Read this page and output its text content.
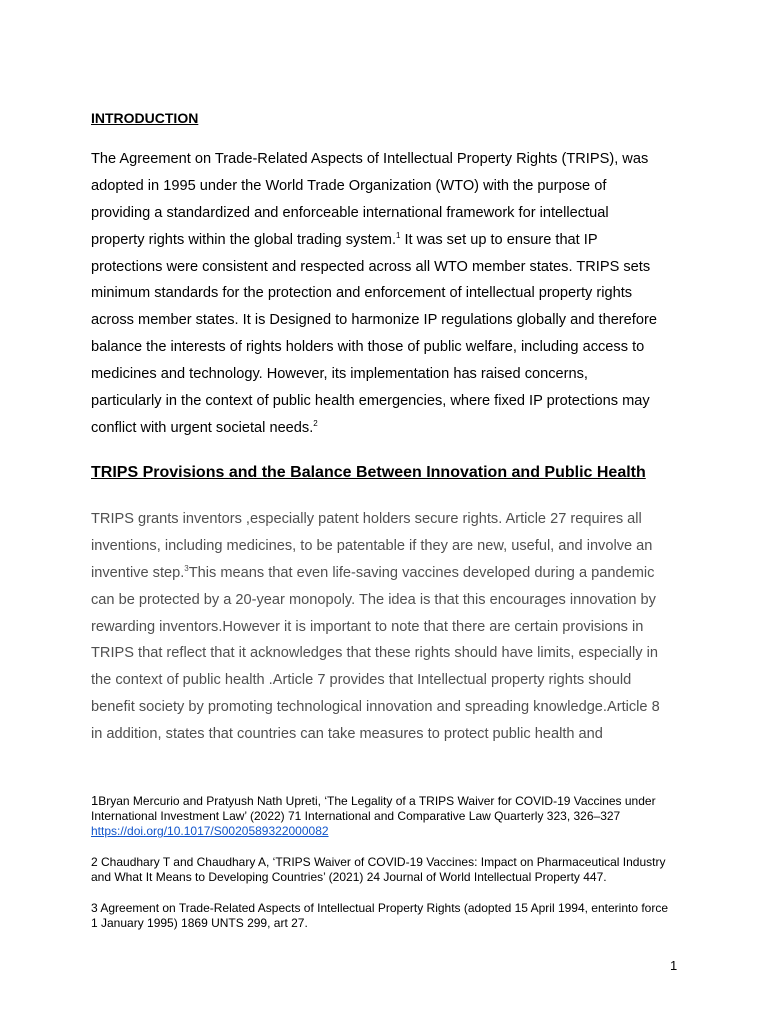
INTRODUCTION

The Agreement on Trade-Related Aspects of Intellectual Property Rights (TRIPS), was
adopted in 1995 under the World Trade Organization (WTO) with the purpose of
providing a standardized and enforceable international framework for intellectual
property rights within the global trading system.$^1$ It was set up to ensure that IP
protections were consistent and respected across all WTO member states. TRIPS sets
minimum standards for the protection and enforcement of intellectual property rights
across member states. It is Designed to harmonize IP regulations globally and therefore
balance the interests of rights holders with those of public welfare, including access to
medicines and technology. However, its implementation has raised concerns,
particularly in the context of public health emergencies, where fixed IP protections may
conflict with urgent societal needs.$^2$

TRIPS Provisions and the Balance Between Innovation and Public Health

TRIPS grants inventors ,especially patent holders secure rights. Article 27 requires all
inventions, including medicines, to be patentable if they are new, useful, and involve an
inventive step.$^3$This means that even life-saving vaccines developed during a pandemic
can be protected by a 20-year monopoly. The idea is that this encourages innovation by
rewarding inventors.However it is important to note that there are certain provisions in
TRIPS that reflect that it acknowledges that these rights should have limits, especially in
the context of public health .Article 7 provides that Intellectual property rights should
benefit society by promoting technological innovation and spreading knowledge.Article 8
in addition, states that countries can take measures to protect public health and

1Bryan Mercurio and Pratyush Nath Upreti, ‘The Legality of a TRIPS Waiver for COVID-19 Vaccines under International Investment Law’ (2022) 71 International and Comparative Law Quarterly 323, 326–327 https://doi.org/10.1017/S0020589322000082

2 Chaudhary T and Chaudhary A, ‘TRIPS Waiver of COVID-19 Vaccines: Impact on Pharmaceutical Industry and What It Means to Developing Countries’ (2021) 24 Journal of World Intellectual Property 447.

3 Agreement on Trade-Related Aspects of Intellectual Property Rights (adopted 15 April 1994, enterinto force 1 January 1995) 1869 UNTS 299, art 27.

1
